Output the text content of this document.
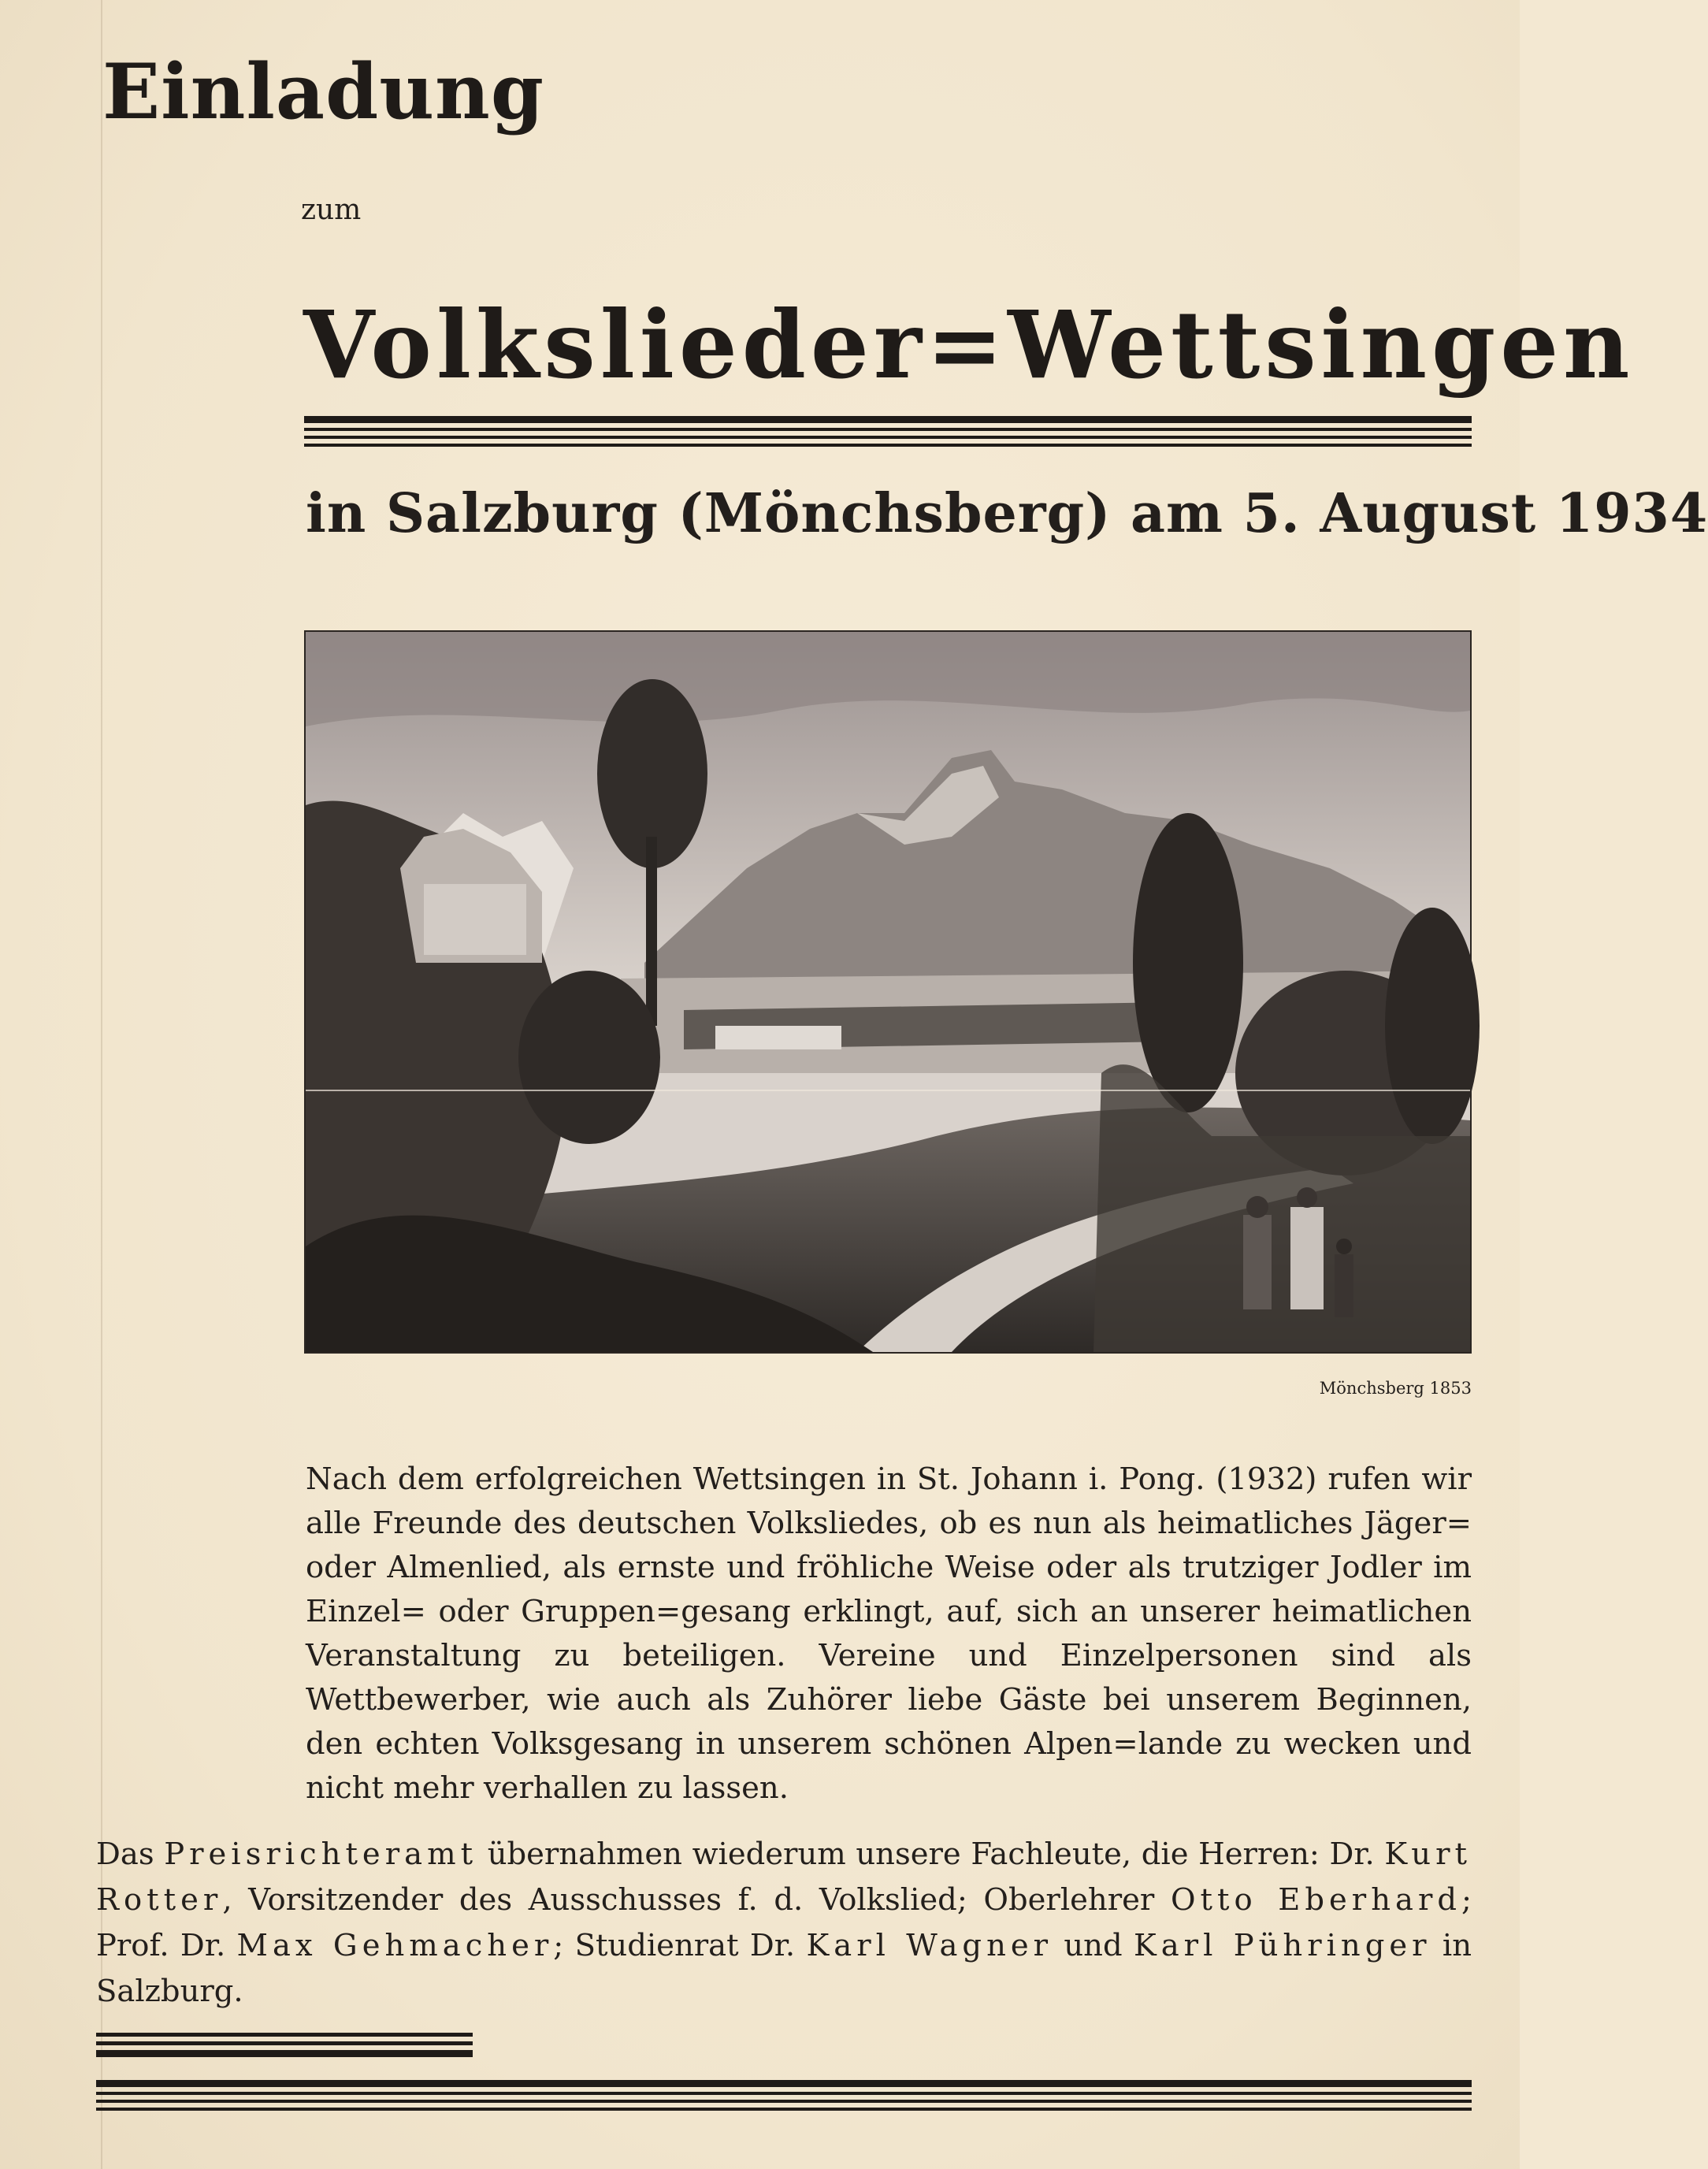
Einladung
zum
Volkslieder=Wettsingen
in Salzburg (Mönchsberg) am 5. August 1934
Mönchsberg 1853
Nach dem erfolgreichen Wettsingen in St. Johann i. Pong. (1932) rufen wir alle Freunde des deutschen Volksliedes, ob es nun als heimatliches Jäger= oder Almenlied, als ernste und fröhliche Weise oder als trutziger Jodler im Einzel= oder Gruppen=gesang erklingt, auf, sich an unserer heimatlichen Veranstaltung zu beteiligen. Vereine und Einzelpersonen sind als Wettbewerber, wie auch als Zuhörer liebe Gäste bei unserem Beginnen, den echten Volksgesang in unserem schönen Alpen=lande zu wecken und nicht mehr verhallen zu lassen.
Das Preisrichteramt übernahmen wiederum unsere Fachleute, die Herren: Dr. Kurt Rotter, Vorsitzender des Ausschusses f. d. Volkslied; Oberlehrer Otto Eberhard; Prof. Dr. Max Gehmacher; Studienrat Dr. Karl Wagner und Karl Pühringer in Salzburg.
